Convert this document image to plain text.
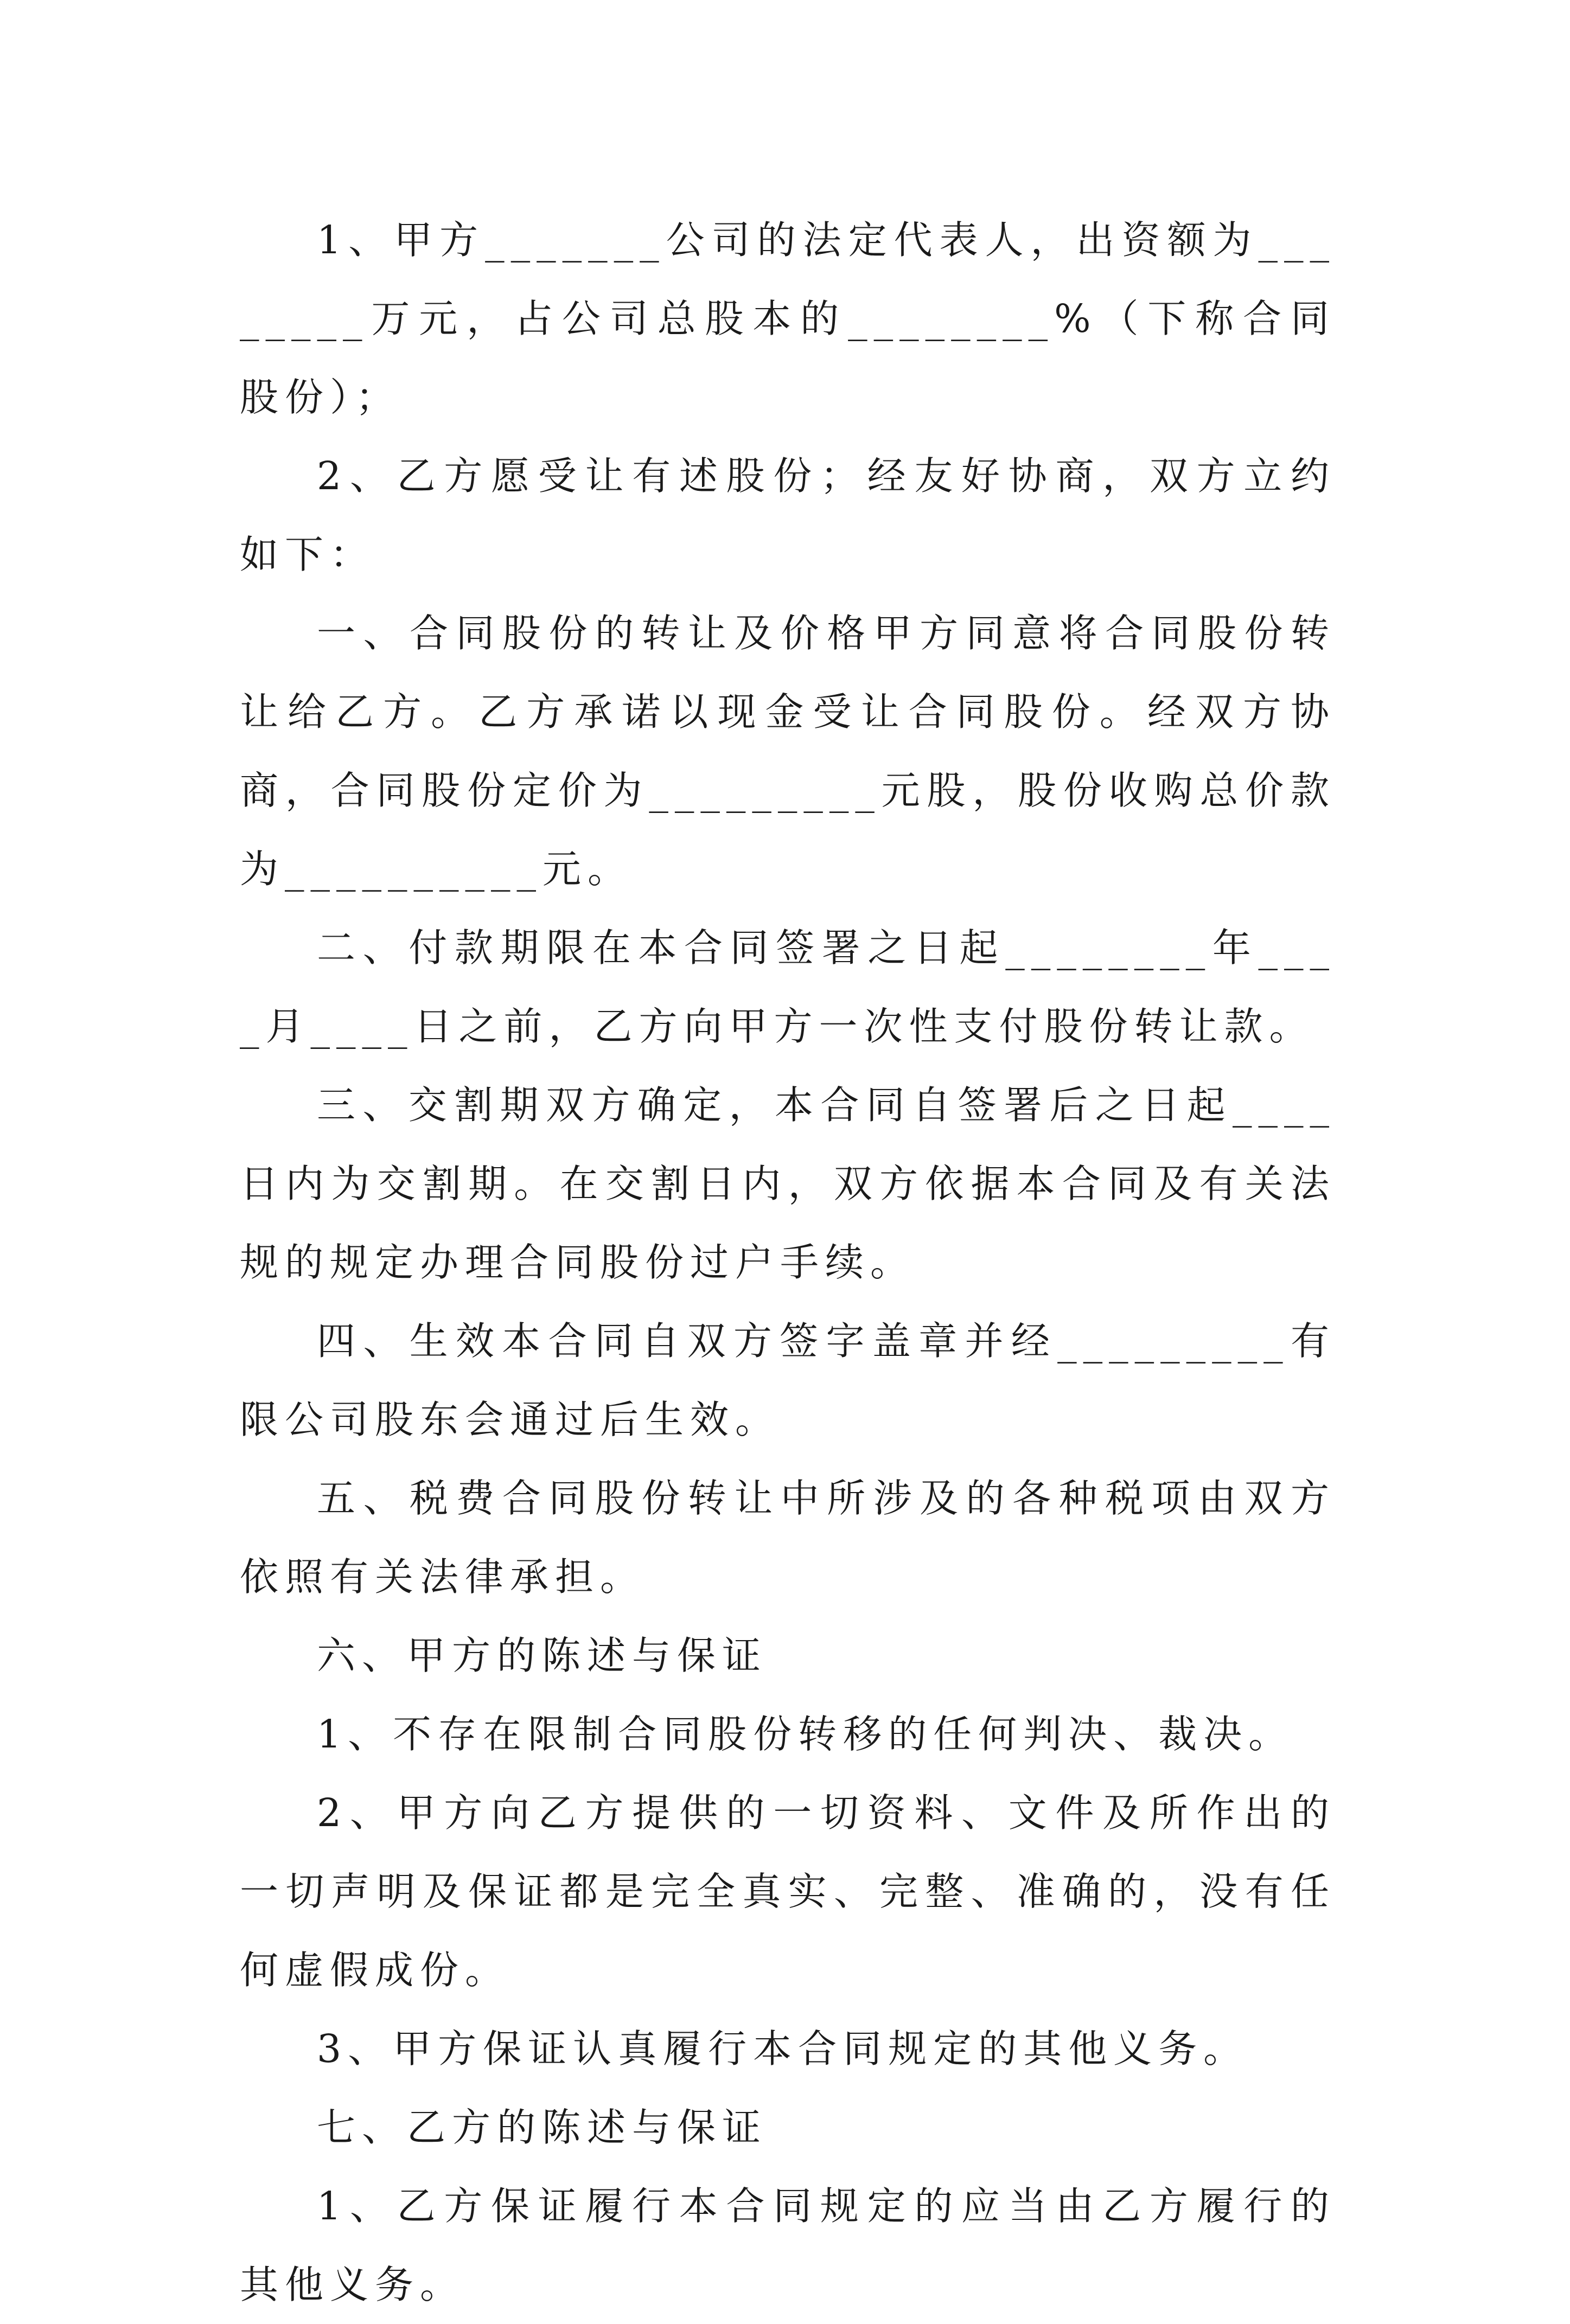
1、甲方_______公司的法定代表人，出资额为________万元，占公司总股本的________%（下称合同股份）；

2、乙方愿受让有述股份；经友好协商，双方立约如下：

一、合同股份的转让及价格甲方同意将合同股份转让给乙方。乙方承诺以现金受让合同股份。经双方协商，合同股份定价为_________元股，股份收购总价款为__________元。

二、付款期限在本合同签署之日起________年____月____日之前，乙方向甲方一次性支付股份转让款。

三、交割期双方确定，本合同自签署后之日起____日内为交割期。在交割日内，双方依据本合同及有关法规的规定办理合同股份过户手续。

四、生效本合同自双方签字盖章并经_________有限公司股东会通过后生效。

五、税费合同股份转让中所涉及的各种税项由双方依照有关法律承担。

六、甲方的陈述与保证

1、不存在限制合同股份转移的任何判决、裁决。

2、甲方向乙方提供的一切资料、文件及所作出的一切声明及保证都是完全真实、完整、准确的，没有任何虚假成份。

3、甲方保证认真履行本合同规定的其他义务。

七、乙方的陈述与保证

1、乙方保证履行本合同规定的应当由乙方履行的其他义务。
